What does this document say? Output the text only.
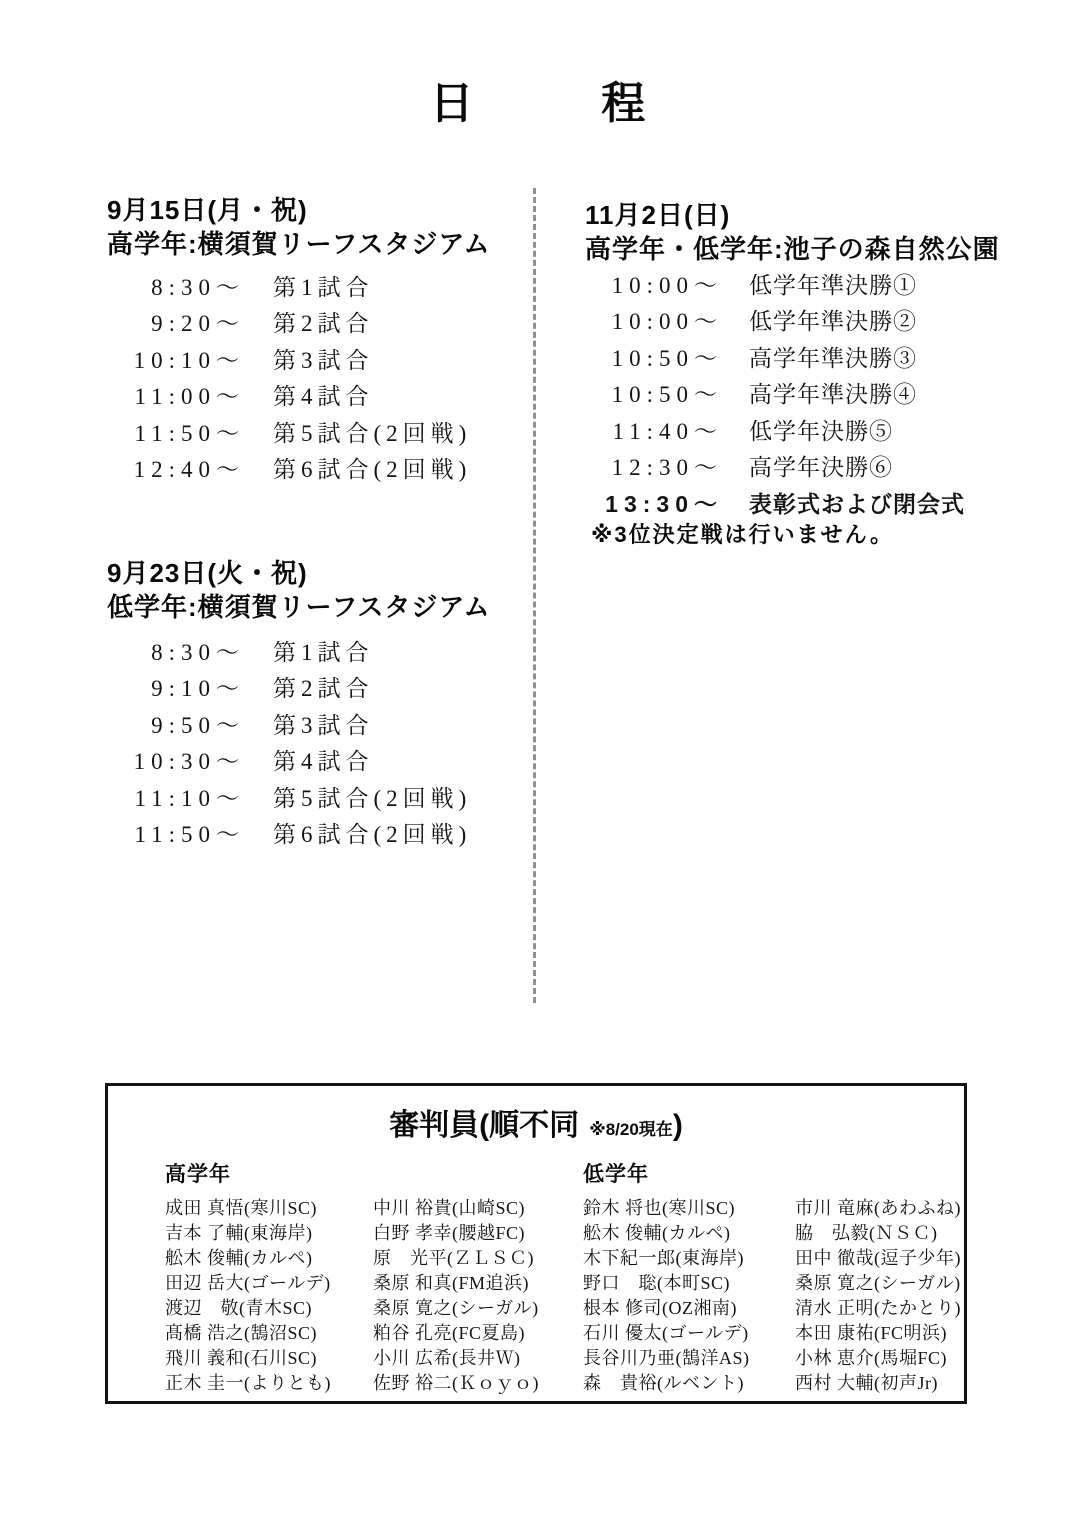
日程
9月15日(月・祝)
高学年:横須賀リーフスタジアム
8:30～ 第1試合
9:20～ 第2試合
10:10～ 第3試合
11:00～ 第4試合
11:50～ 第5試合(2回戦)
12:40～ 第6試合(2回戦)
9月23日(火・祝)
低学年:横須賀リーフスタジアム
8:30～ 第1試合
9:10～ 第2試合
9:50～ 第3試合
10:30～ 第4試合
11:10～ 第5試合(2回戦)
11:50～ 第6試合(2回戦)
11月2日(日)
高学年・低学年:池子の森自然公園
10:00～ 低学年準決勝①
10:00～ 低学年準決勝②
10:50～ 高学年準決勝③
10:50～ 高学年準決勝④
11:40～ 低学年決勝⑤
12:30～ 高学年決勝⑥
13:30～ 表彰式および閉会式
※3位決定戦は行いません。
審判員(順不同 ※8/20現在)
高学年	低学年
成田 真悟(寒川SC)
吉本 了輔(東海岸)
舩木 俊輔(カルペ)
田辺 岳大(ゴールデ)
渡辺　敬(青木SC)
髙橋 浩之(鵠沼SC)
飛川 義和(石川SC)
正木 圭一(よりとも)
中川 裕貴(山崎SC)
白野 孝幸(腰越FC)
原　光平(ＺＬＳＣ)
桑原 和真(FM追浜)
桑原 寛之(シーガル)
粕谷 孔亮(FC夏島)
小川 広希(長井Ｗ)
佐野 裕二(Ｋｏｙｏ)
鈴木 将也(寒川SC)
舩木 俊輔(カルペ)
木下紀一郎(東海岸)
野口　聡(本町SC)
根本 修司(OZ湘南)
石川 優太(ゴールデ)
長谷川乃亜(鵠洋AS)
森　貴裕(ルベント)
市川 竜麻(あわふね)
脇　弘毅(ＮＳＣ)
田中 徹哉(逗子少年)
桑原 寛之(シーガル)
清水 正明(たかとり)
本田 康祐(FC明浜)
小林 恵介(馬堀FC)
西村 大輔(初声Jr)
